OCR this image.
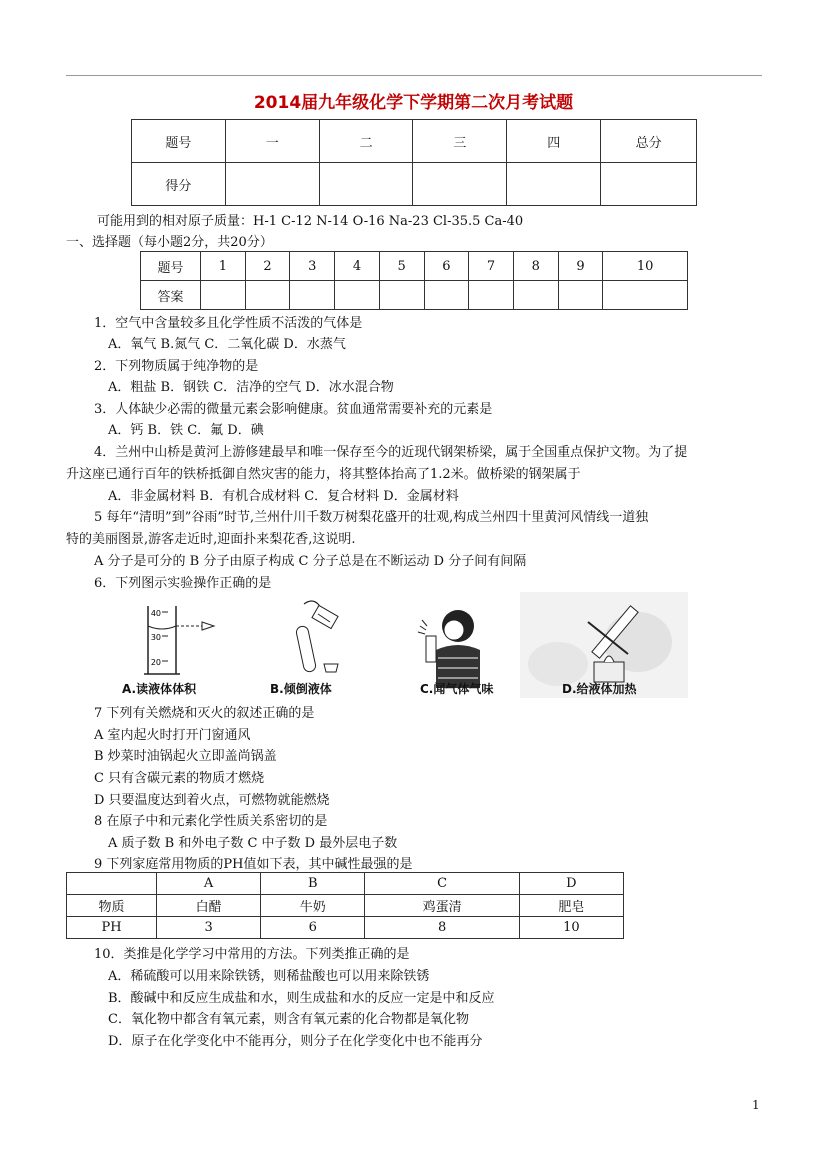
2014届九年级化学下学期第二次月考试题
题号	一	二	三	四	总分
得分					
可能用到的相对原子质量：H-1 C-12 N-14 O-16 Na-23 Cl-35.5 Ca-40
一、选择题（每小题2分，共20分）
题号	1	2	3	4	5	6	7	8	9	10
答案										
1．空气中含量较多且化学性质不活泼的气体是
A．氧气 B.氮气 C．二氧化碳 D．水蒸气
2．下列物质属于纯净物的是
A．粗盐 B．钢铁 C．洁净的空气 D．冰水混合物
3．人体缺少必需的微量元素会影响健康。贫血通常需要补充的元素是
A．钙 B．铁 C．氟 D．碘
4．兰州中山桥是黄河上游修建最早和唯一保存至今的近现代钢架桥梁，属于全国重点保护文物。为了提
升这座已通行百年的铁桥抵御自然灾害的能力，将其整体抬高了1.2米。做桥梁的钢架属于
A．非金属材料 B．有机合成材料 C．复合材料 D．金属材料
5 每年“清明”到”谷雨”时节,兰州什川千数万树梨花盛开的壮观,构成兰州四十里黄河风情线一道独
特的美丽图景,游客走近时,迎面扑来梨花香,这说明.
A 分子是可分的 B 分子由原子构成 C 分子总是在不断运动 D 分子间有间隔
6．下列图示实验操作正确的是
40
30
20
A.读液体体积	B.倾倒液体	C.闻气体气味	D.给液体加热
7 下列有关燃烧和灭火的叙述正确的是
A 室内起火时打开门窗通风
B 炒菜时油锅起火立即盖尚锅盖
C 只有含碳元素的物质才燃烧
D 只要温度达到着火点，可燃物就能燃烧
8 在原子中和元素化学性质关系密切的是
A 质子数 B 和外电子数 C 中子数 D 最外层电子数
9 下列家庭常用物质的PH值如下表，其中碱性最强的是
	A	B	C	D
物质	白醋	牛奶	鸡蛋清	肥皂
PH	3	6	8	10
10．类推是化学学习中常用的方法。下列类推正确的是
A．稀硫酸可以用来除铁锈，则稀盐酸也可以用来除铁锈
B．酸碱中和反应生成盐和水，则生成盐和水的反应一定是中和反应
C．氧化物中都含有氧元素，则含有氧元素的化合物都是氧化物
D．原子在化学变化中不能再分，则分子在化学变化中也不能再分
1
